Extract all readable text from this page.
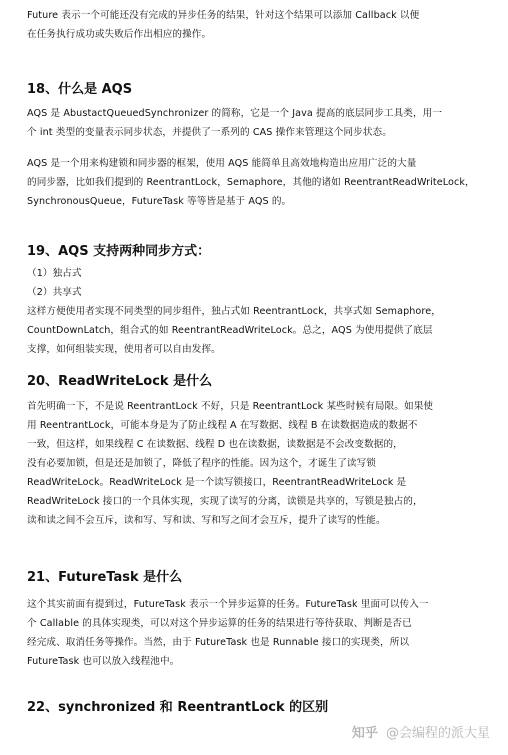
Future 表示一个可能还没有完成的异步任务的结果，针对这个结果可以添加 Callback 以便
在任务执行成功或失败后作出相应的操作。
18、什么是 AQS
AQS 是 AbustactQueuedSynchronizer 的简称，它是一个 Java 提高的底层同步工具类，用一
个 int 类型的变量表示同步状态，并提供了一系列的 CAS 操作来管理这个同步状态。
AQS 是一个用来构建锁和同步器的框架，使用 AQS 能简单且高效地构造出应用广泛的大量
的同步器，比如我们提到的 ReentrantLock，Semaphore，其他的诸如 ReentrantReadWriteLock，
SynchronousQueue，FutureTask 等等皆是基于 AQS 的。
19、AQS 支持两种同步方式：
（1）独占式
（2）共享式
这样方便使用者实现不同类型的同步组件，独占式如 ReentrantLock，共享式如 Semaphore，
CountDownLatch，组合式的如 ReentrantReadWriteLock。总之，AQS 为使用提供了底层
支撑，如何组装实现，使用者可以自由发挥。
20、ReadWriteLock 是什么
首先明确一下，不是说 ReentrantLock 不好，只是 ReentrantLock 某些时候有局限。如果使
用 ReentrantLock，可能本身是为了防止线程 A 在写数据、线程 B 在读数据造成的数据不
一致，但这样，如果线程 C 在读数据、线程 D 也在读数据，读数据是不会改变数据的，
没有必要加锁，但是还是加锁了，降低了程序的性能。因为这个，才诞生了读写锁
ReadWriteLock。ReadWriteLock 是一个读写锁接口，ReentrantReadWriteLock 是
ReadWriteLock 接口的一个具体实现，实现了读写的分离，读锁是共享的，写锁是独占的，
读和读之间不会互斥，读和写、写和读、写和写之间才会互斥，提升了读写的性能。
21、FutureTask 是什么
这个其实前面有提到过，FutureTask 表示一个异步运算的任务。FutureTask 里面可以传入一
个 Callable 的具体实现类，可以对这个异步运算的任务的结果进行等待获取、判断是否已
经完成、取消任务等操作。当然，由于 FutureTask 也是 Runnable 接口的实现类，所以
FutureTask 也可以放入线程池中。
22、synchronized 和 ReentrantLock 的区别
知乎 @会编程的派大星
